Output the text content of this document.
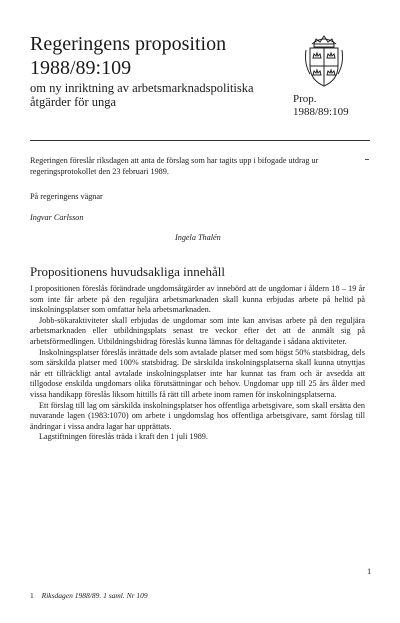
Regeringens proposition
1988/89:109
om ny inriktning av arbetsmarknadspolitiska åtgärder för unga	Prop.
1988/89:109
Regeringen föreslår riksdagen att anta de förslag som har tagits upp i bifogade utdrag ur regeringsprotokollet den 23 februari 1989.
På regeringens vägnar
Ingvar Carlsson
Ingela Thalén
Propositionens huvudsakliga innehåll

I propositionen föreslås förändrade ungdomsåtgärder av innebörd att de ungdomar i åldern 18 – 19 år som inte får arbete på den reguljära arbetsmarknaden skall kunna erbjudas arbete på heltid på inskolningsplatser som omfattar hela arbetsmarknaden.

Jobb-sökaraktiviteter skall erbjudas de ungdomar som inte kan anvisas arbete på den reguljära arbetsmarknaden eller utbildningsplats senast tre veckor efter det att de anmält sig på arbetsförmedlingen. Utbildningsbidrag föreslås kunna lämnas för deltagande i sådana aktiviteter.

Inskolningsplatser föreslås inrättade dels som avtalade platser med som högst 50% statsbidrag, dels som särskilda platser med 100% statsbidrag. De särskilda inskolningsplatserna skall kunna utnyttjas när ett tillräckligt antal avtalade inskolningsplatser inte har kunnat tas fram och är avsedda att tillgodose enskilda ungdomars olika förutsättningar och behov. Ungdomar upp till 25 års ålder med vissa handikapp föreslås liksom hittills få rätt till arbete inom ramen för inskolningsplatserna.

Ett förslag till lag om särskilda inskolningsplatser hos offentliga arbetsgivare, som skall ersätta den nuvarande lagen (1983:1070) om arbete i ungdomslag hos offentliga arbetsgivare, samt förslag till ändringar i vissa andra lagar har upprättats.

Lagstiftningen föreslås träda i kraft den 1 juli 1989.

1
1 Riksdagen 1988/89. 1 saml. Nr 109
